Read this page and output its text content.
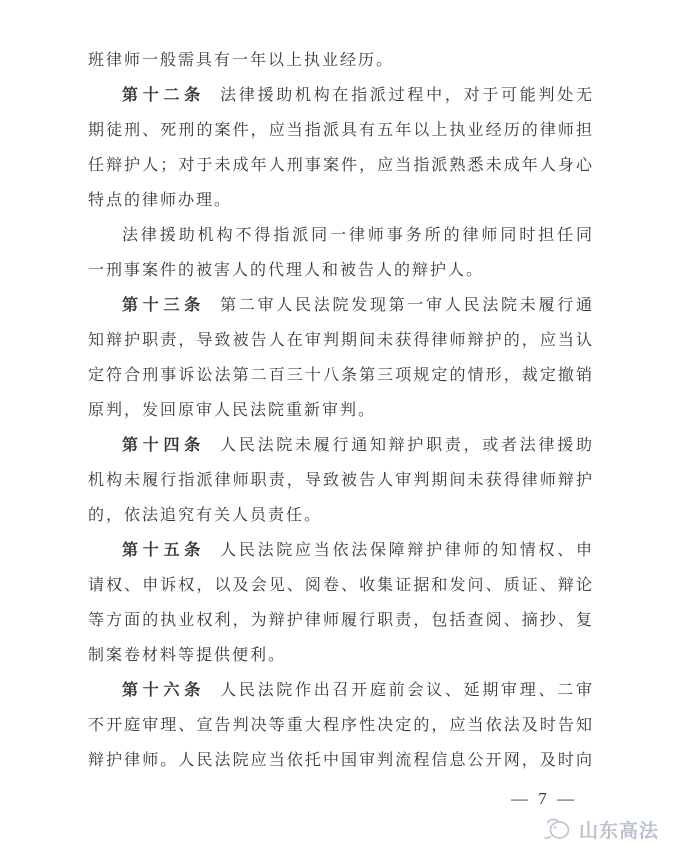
班律师一般需具有一年以上执业经历。
第十二条 法律援助机构在指派过程中，对于可能判处无
期徒刑、死刑的案件，应当指派具有五年以上执业经历的律师担
任辩护人；对于未成年人刑事案件，应当指派熟悉未成年人身心
特点的律师办理。
法律援助机构不得指派同一律师事务所的律师同时担任同
一刑事案件的被害人的代理人和被告人的辩护人。
第十三条 第二审人民法院发现第一审人民法院未履行通
知辩护职责，导致被告人在审判期间未获得律师辩护的，应当认
定符合刑事诉讼法第二百三十八条第三项规定的情形，裁定撤销
原判，发回原审人民法院重新审判。
第十四条 人民法院未履行通知辩护职责，或者法律援助
机构未履行指派律师职责，导致被告人审判期间未获得律师辩护
的，依法追究有关人员责任。
第十五条 人民法院应当依法保障辩护律师的知情权、申
请权、申诉权，以及会见、阅卷、收集证据和发问、质证、辩论
等方面的执业权利，为辩护律师履行职责，包括查阅、摘抄、复
制案卷材料等提供便利。
第十六条 人民法院作出召开庭前会议、延期审理、二审
不开庭审理、宣告判决等重大程序性决定的，应当依法及时告知
辩护律师。人民法院应当依托中国审判流程信息公开网，及时向
— 7 —
山东高法
